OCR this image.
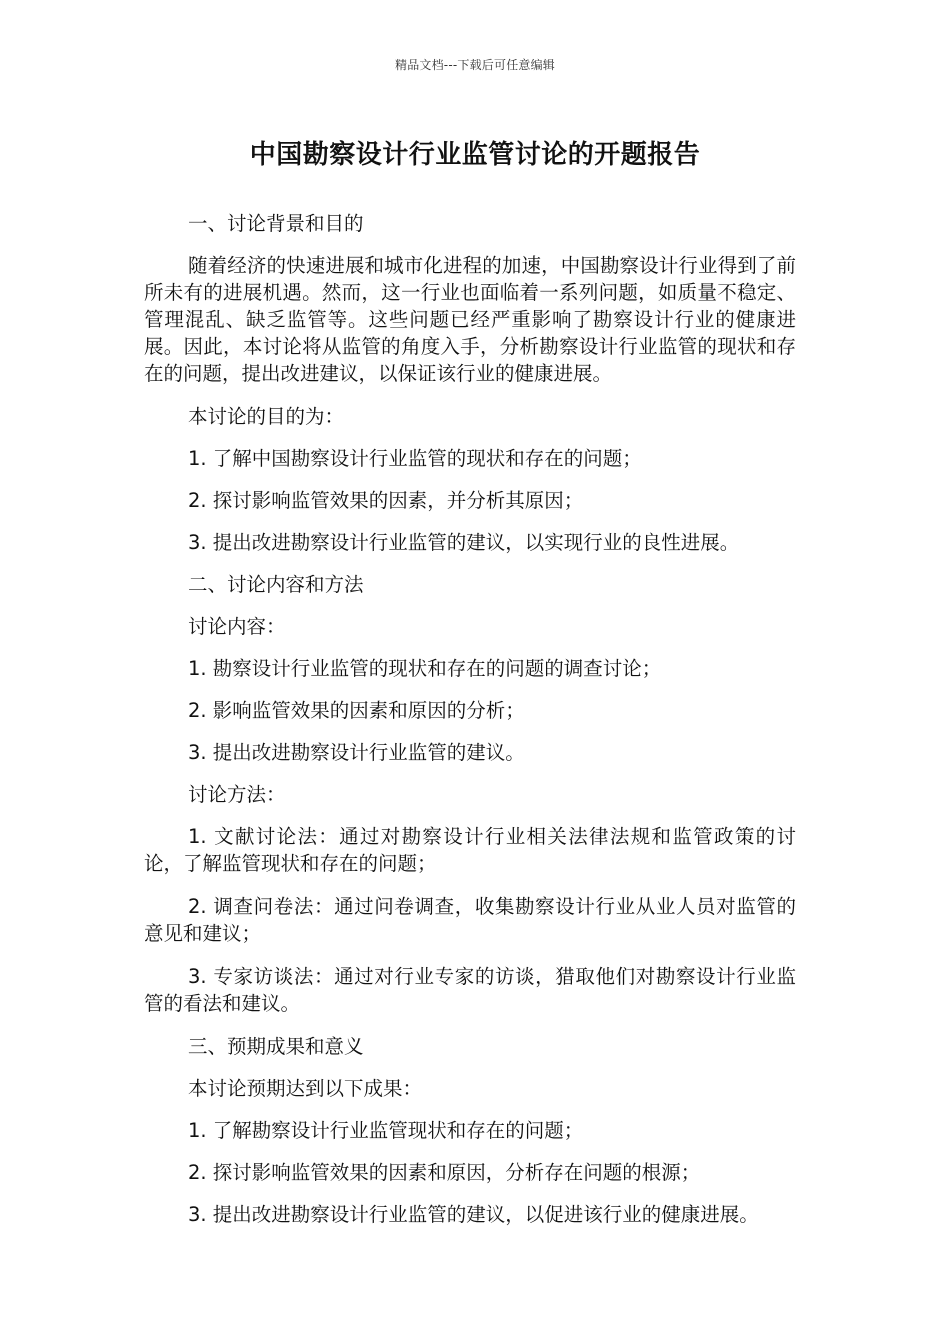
精品文档---下载后可任意编辑
中国勘察设计行业监管讨论的开题报告

一、讨论背景和目的

随着经济的快速进展和城市化进程的加速，中国勘察设计行业得到了前所未有的进展机遇。然而，这一行业也面临着一系列问题，如质量不稳定、管理混乱、缺乏监管等。这些问题已经严重影响了勘察设计行业的健康进展。因此，本讨论将从监管的角度入手，分析勘察设计行业监管的现状和存在的问题，提出改进建议，以保证该行业的健康进展。

本讨论的目的为：

1. 了解中国勘察设计行业监管的现状和存在的问题；

2. 探讨影响监管效果的因素，并分析其原因；

3. 提出改进勘察设计行业监管的建议，以实现行业的良性进展。

二、讨论内容和方法

讨论内容：

1. 勘察设计行业监管的现状和存在的问题的调查讨论；

2. 影响监管效果的因素和原因的分析；

3. 提出改进勘察设计行业监管的建议。

讨论方法：

1. 文献讨论法：通过对勘察设计行业相关法律法规和监管政策的讨论，了解监管现状和存在的问题；

2. 调查问卷法：通过问卷调查，收集勘察设计行业从业人员对监管的意见和建议；

3. 专家访谈法：通过对行业专家的访谈，猎取他们对勘察设计行业监管的看法和建议。

三、预期成果和意义

本讨论预期达到以下成果：

1. 了解勘察设计行业监管现状和存在的问题；

2. 探讨影响监管效果的因素和原因，分析存在问题的根源；

3. 提出改进勘察设计行业监管的建议，以促进该行业的健康进展。
